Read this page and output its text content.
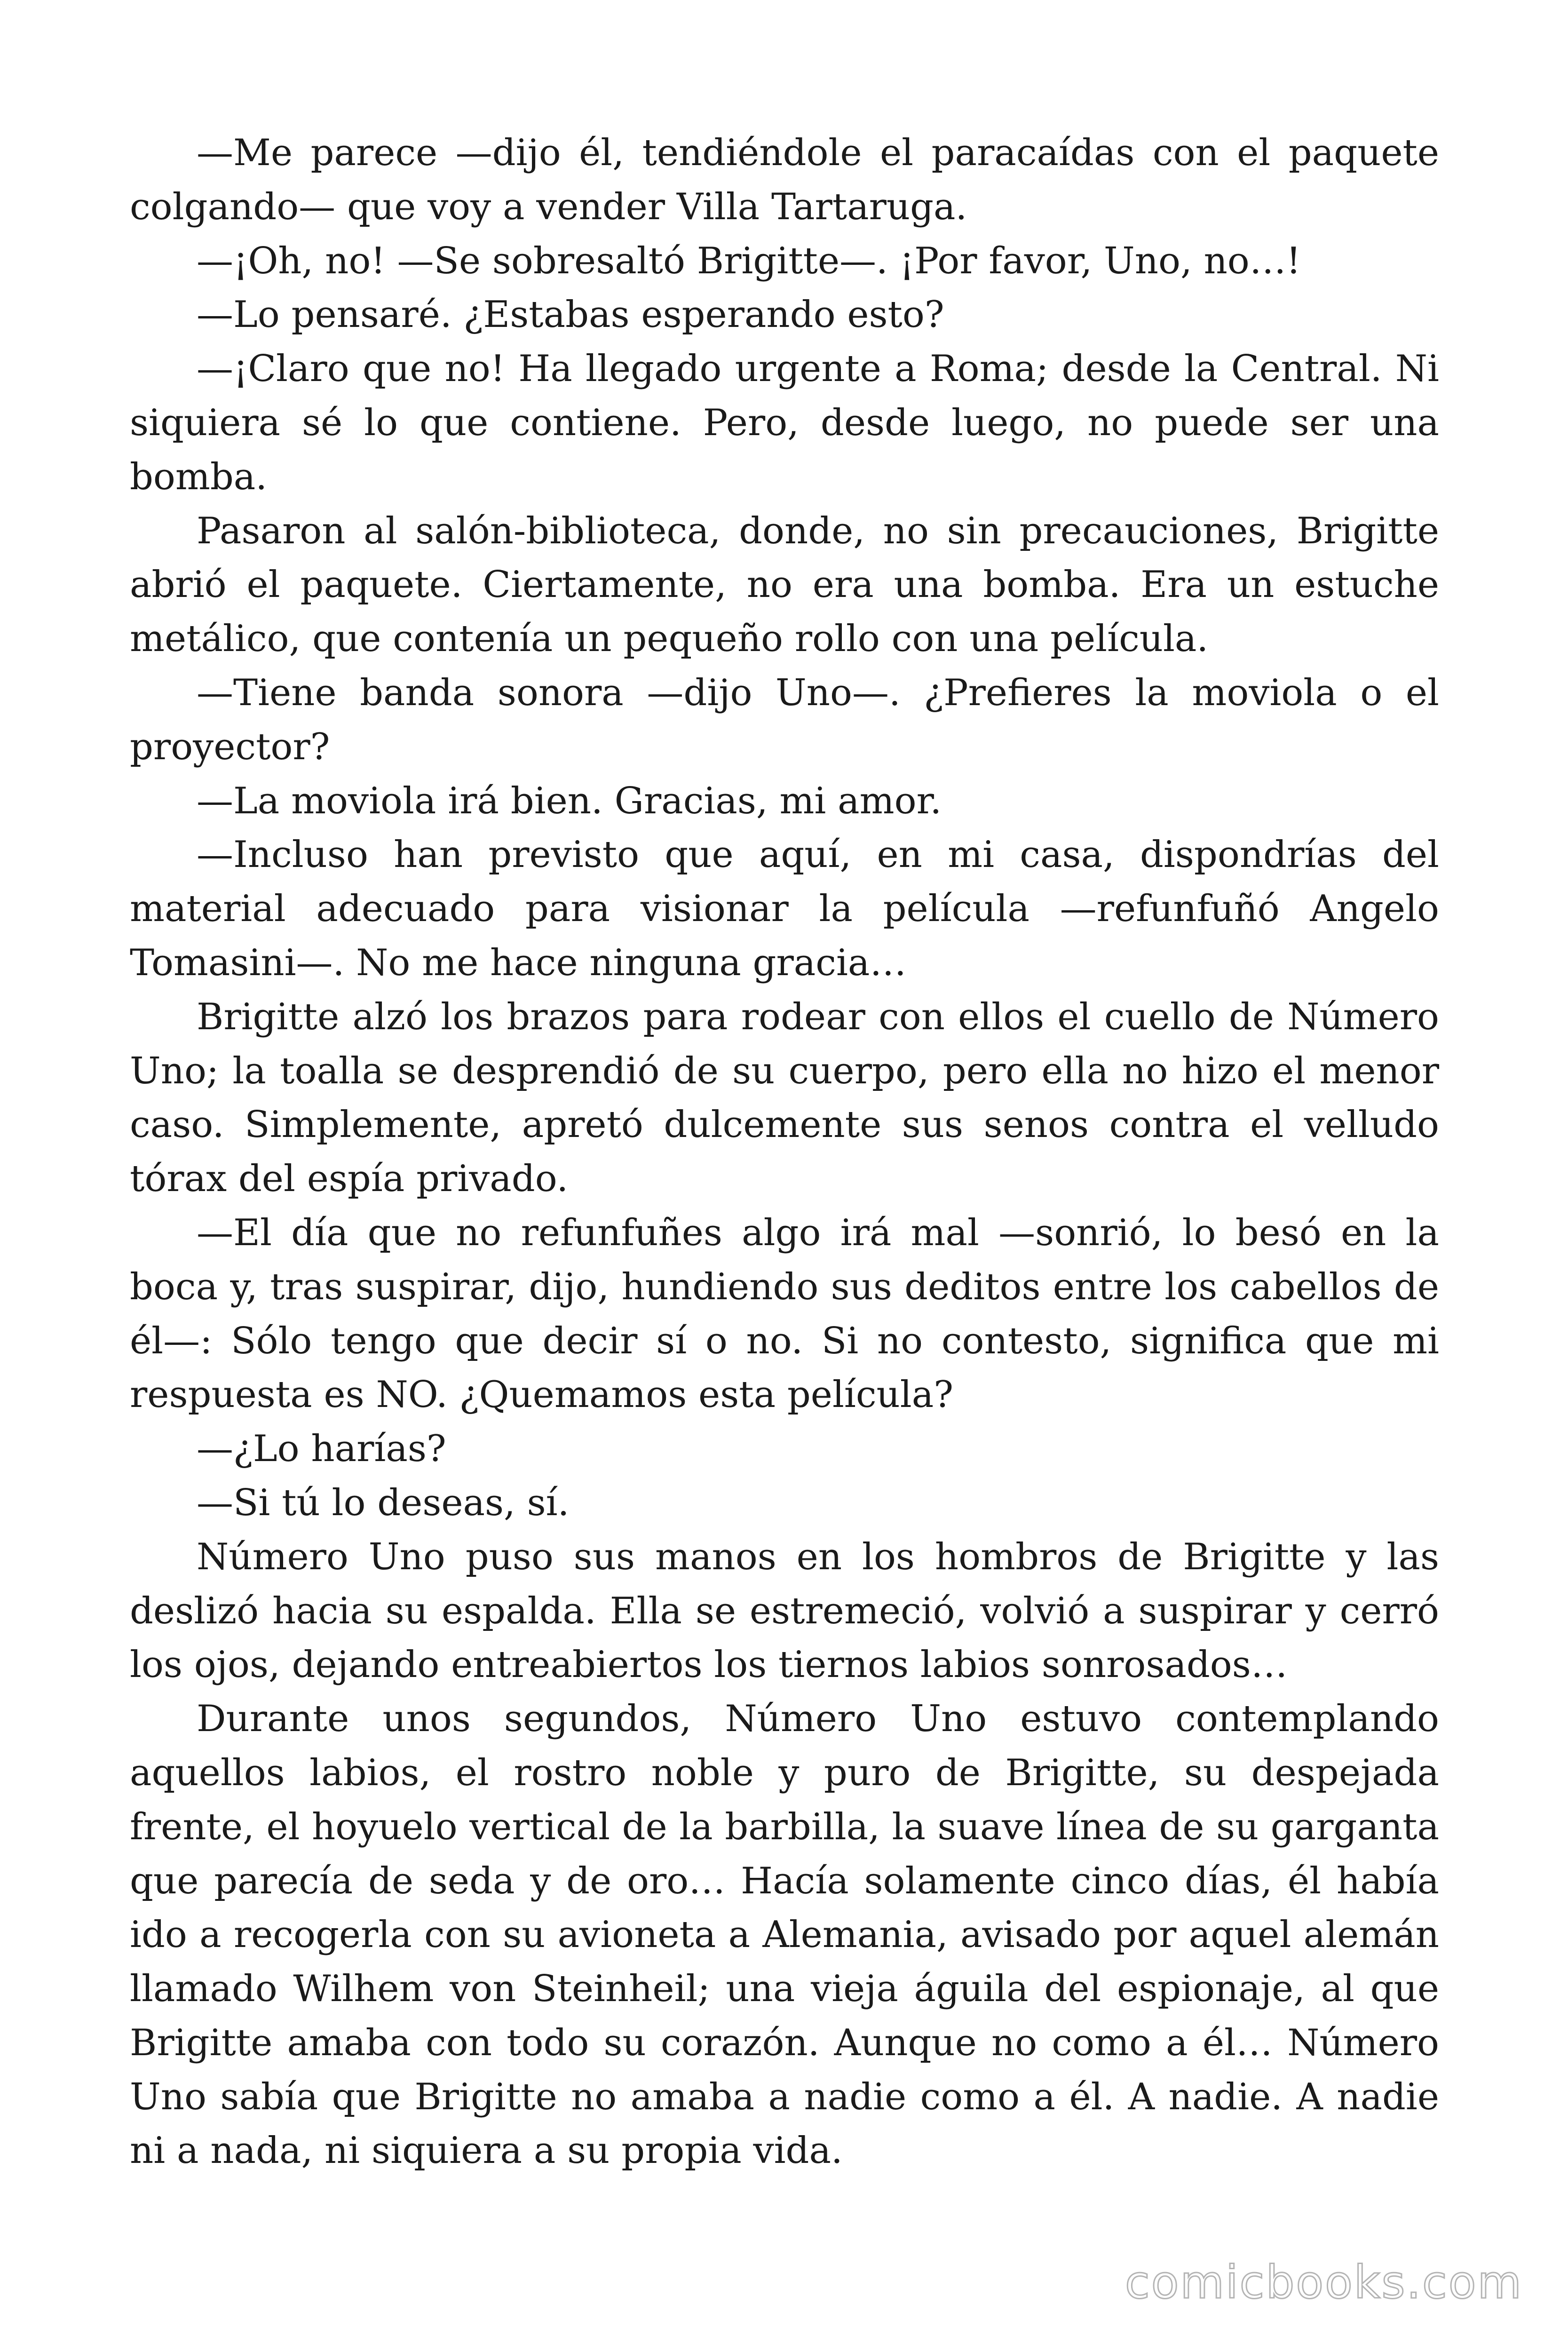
—Me parece —dijo él, tendiéndole el paracaídas con el paquete colgando— que voy a vender Villa Tartaruga.

—¡Oh, no! —Se sobresaltó Brigitte—. ¡Por favor, Uno, no…!

—Lo pensaré. ¿Estabas esperando esto?

—¡Claro que no! Ha llegado urgente a Roma; desde la Central. Ni siquiera sé lo que contiene. Pero, desde luego, no puede ser una bomba.

Pasaron al salón-biblioteca, donde, no sin precauciones, Brigitte abrió el paquete. Ciertamente, no era una bomba. Era un estuche metálico, que contenía un pequeño rollo con una película.

—Tiene banda sonora —dijo Uno—. ¿Prefieres la moviola o el proyector?

—La moviola irá bien. Gracias, mi amor.

—Incluso han previsto que aquí, en mi casa, dispondrías del material adecuado para visionar la película —refunfuñó Angelo Tomasini—. No me hace ninguna gracia…

Brigitte alzó los brazos para rodear con ellos el cuello de Número Uno; la toalla se desprendió de su cuerpo, pero ella no hizo el menor caso. Simplemente, apretó dulcemente sus senos contra el velludo tórax del espía privado.

—El día que no refunfuñes algo irá mal —sonrió, lo besó en la boca y, tras suspirar, dijo, hundiendo sus deditos entre los cabellos de él—: Sólo tengo que decir sí o no. Si no contesto, significa que mi respuesta es NO. ¿Quemamos esta película?

—¿Lo harías?

—Si tú lo deseas, sí.

Número Uno puso sus manos en los hombros de Brigitte y las deslizó hacia su espalda. Ella se estremeció, volvió a suspirar y cerró los ojos, dejando entreabiertos los tiernos labios sonrosados…

Durante unos segundos, Número Uno estuvo contemplando aquellos labios, el rostro noble y puro de Brigitte, su despejada frente, el hoyuelo vertical de la barbilla, la suave línea de su garganta que parecía de seda y de oro… Hacía solamente cinco días, él había ido a recogerla con su avioneta a Alemania, avisado por aquel alemán llamado Wilhem von Steinheil; una vieja águila del espionaje, al que Brigitte amaba con todo su corazón. Aunque no como a él… Número Uno sabía que Brigitte no amaba a nadie como a él. A nadie. A nadie ni a nada, ni siquiera a su propia vida.

comicbooks.com
